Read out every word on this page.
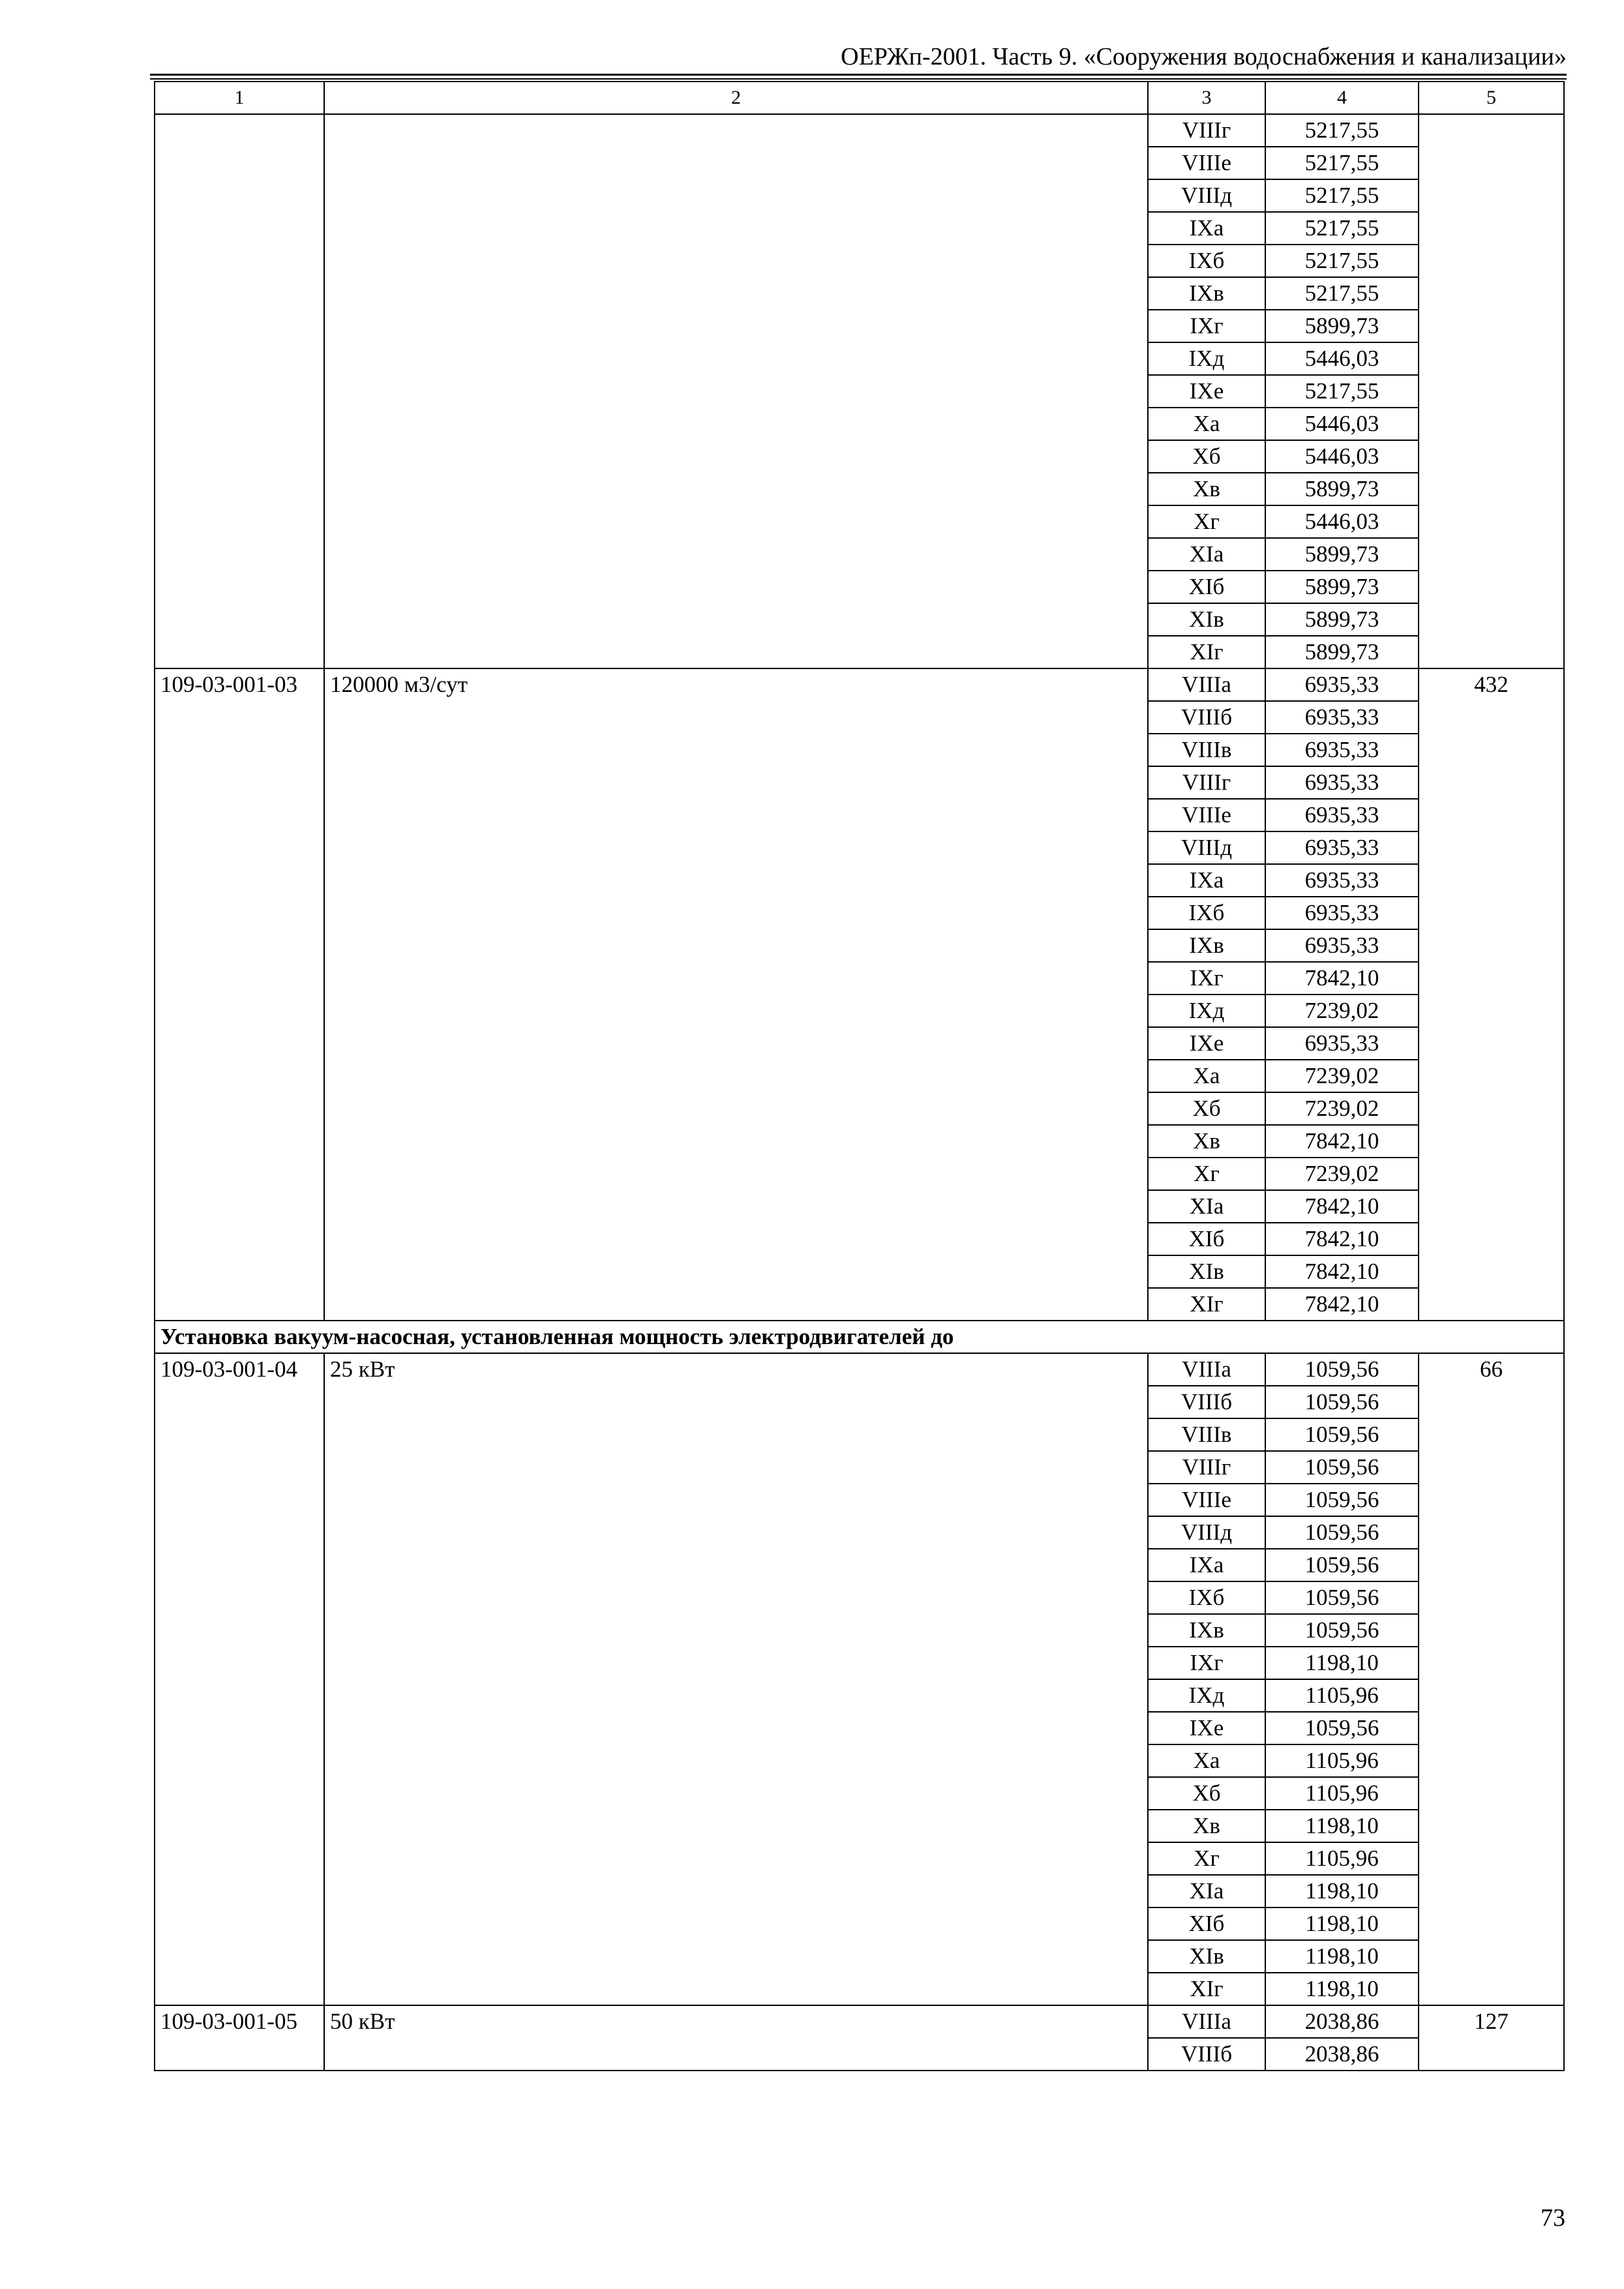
ОЕРЖп-2001. Часть 9. «Сооружения водоснабжения и канализации»
1	2	3	4	5
		VIIIг	5217,55	
		VIIIе	5217,55	
		VIIIд	5217,55	
		IXа	5217,55	
		IXб	5217,55	
		IXв	5217,55	
		IXг	5899,73	
		IXд	5446,03	
		IXе	5217,55	
		Xа	5446,03	
		Xб	5446,03	
		Xв	5899,73	
		Xг	5446,03	
		XIа	5899,73	
		XIб	5899,73	
		XIв	5899,73	
		XIг	5899,73	
109-03-001-03	120000 м3/сут	VIIIа	6935,33	432
		VIIIб	6935,33	
		VIIIв	6935,33	
		VIIIг	6935,33	
		VIIIе	6935,33	
		VIIIд	6935,33	
		IXа	6935,33	
		IXб	6935,33	
		IXв	6935,33	
		IXг	7842,10	
		IXд	7239,02	
		IXе	6935,33	
		Xа	7239,02	
		Xб	7239,02	
		Xв	7842,10	
		Xг	7239,02	
		XIа	7842,10	
		XIб	7842,10	
		XIв	7842,10	
		XIг	7842,10	
Установка вакуум-насосная, установленная мощность электродвигателей до				
109-03-001-04	25 кВт	VIIIа	1059,56	66
		VIIIб	1059,56	
		VIIIв	1059,56	
		VIIIг	1059,56	
		VIIIе	1059,56	
		VIIIд	1059,56	
		IXа	1059,56	
		IXб	1059,56	
		IXв	1059,56	
		IXг	1198,10	
		IXд	1105,96	
		IXе	1059,56	
		Xа	1105,96	
		Xб	1105,96	
		Xв	1198,10	
		Xг	1105,96	
		XIа	1198,10	
		XIб	1198,10	
		XIв	1198,10	
		XIг	1198,10	
109-03-001-05	50 кВт	VIIIа	2038,86	127
		VIIIб	2038,86	
73
